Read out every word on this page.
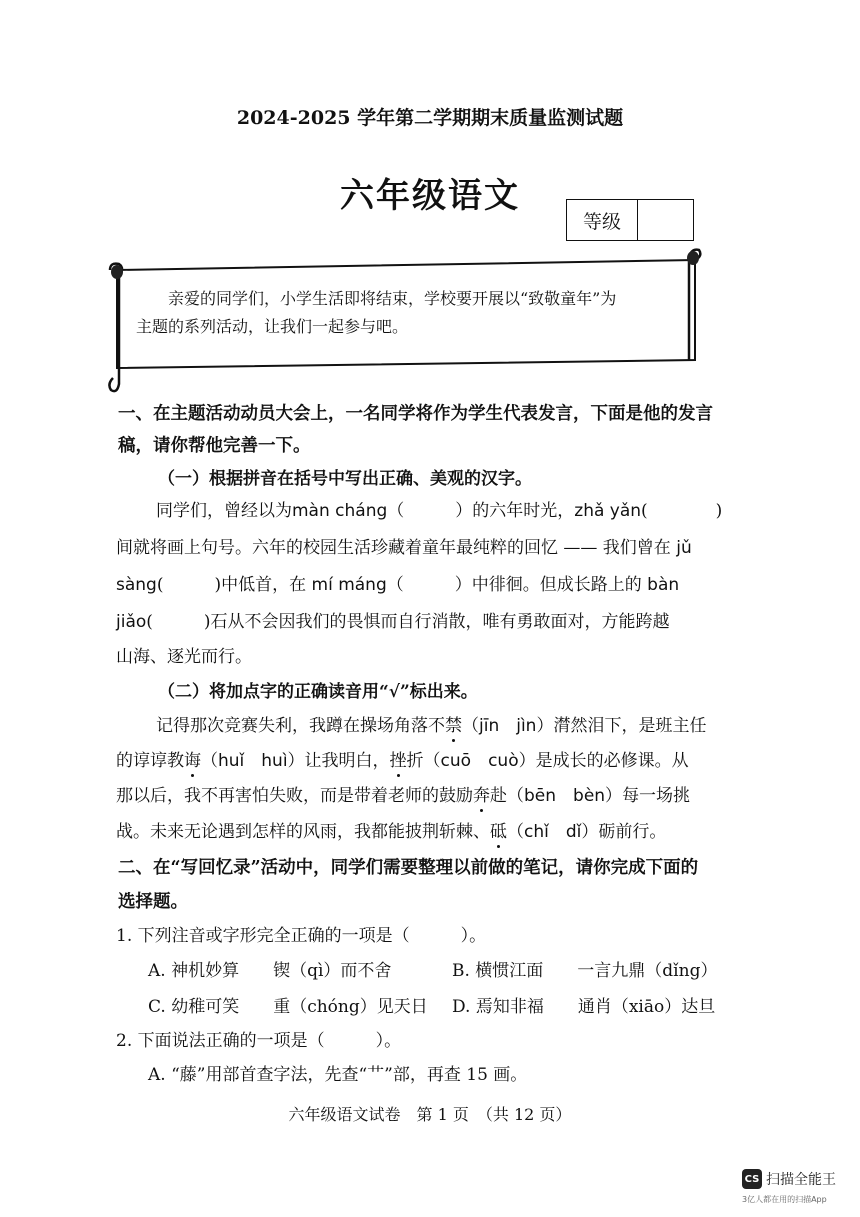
2024-2025 学年第二学期期末质量监测试题
六年级语文
等级
亲爱的同学们，小学生活即将结束，学校要开展以“致敬童年”为
主题的系列活动，让我们一起参与吧。
一、在主题活动动员大会上，一名同学将作为学生代表发言，下面是他的发言
稿，请你帮他完善一下。
（一）根据拼音在括号中写出正确、美观的汉字。
同学们，曾经以为màn cháng（　　　）的六年时光，zhǎ yǎn(　　　　)
间就将画上句号。六年的校园生活珍藏着童年最纯粹的回忆 —— 我们曾在 jǔ
sàng(　　　)中低首，在 mí máng（　　　）中徘徊。但成长路上的 bàn
jiǎo(　　　)石从不会因我们的畏惧而自行消散，唯有勇敢面对，方能跨越
山海、逐光而行。
（二）将加点字的正确读音用“√”标出来。
记得那次竞赛失利，我蹲在操场角落不禁（jīn　jìn）潸然泪下，是班主任
的谆谆教诲（huǐ　huì）让我明白，挫折（cuō　cuò）是成长的必修课。从
那以后，我不再害怕失败，而是带着老师的鼓励奔赴（bēn　bèn）每一场挑
战。未来无论遇到怎样的风雨，我都能披荆斩棘、砥（chǐ　dǐ）砺前行。
二、在“写回忆录”活动中，同学们需要整理以前做的笔记，请你完成下面的
选择题。
1. 下列注音或字形完全正确的一项是（　　　）。
A. 神机妙算　　锲（qì）而不舍	B. 横惯江面　　一言九鼎（dǐng）
C. 幼稚可笑　　重（chóng）见天日 D. 焉知非福　　通肖（xiāo）达旦
2. 下面说法正确的一项是（　　　）。
A. “藤”用部首查字法，先查“艹”部，再查 15 画。
六年级语文试卷　第 1 页　（共 12 页）
CS 扫描全能王
3亿人都在用的扫描App
